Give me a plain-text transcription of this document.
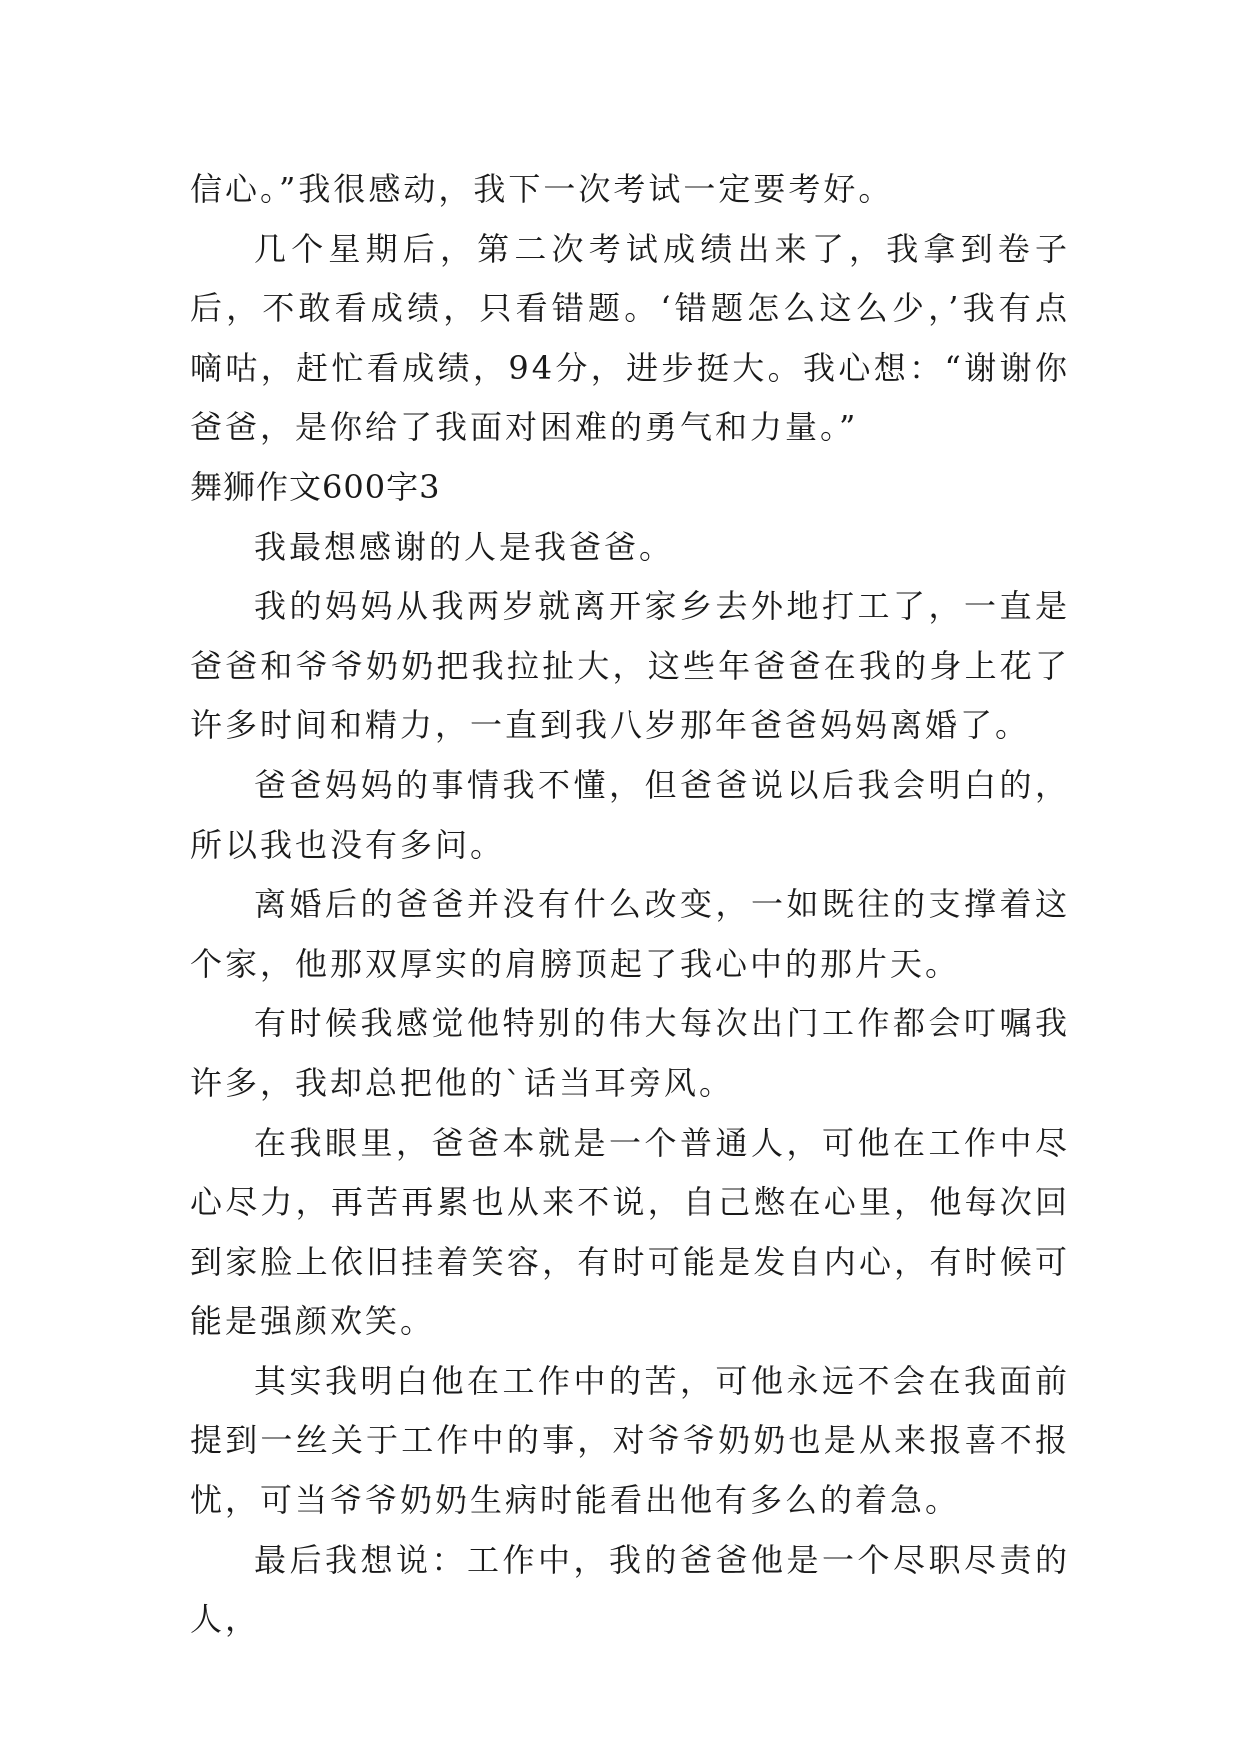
信心。”我很感动，我下一次考试一定要考好。

几个星期后，第二次考试成绩出来了，我拿到卷子后，不敢看成绩，只看错题。‘错题怎么这么少，’我有点嘀咕，赶忙看成绩，94分，进步挺大。我心想：“谢谢你爸爸，是你给了我面对困难的勇气和力量。”

舞狮作文600字3

我最想感谢的人是我爸爸。

我的妈妈从我两岁就离开家乡去外地打工了，一直是爸爸和爷爷奶奶把我拉扯大，这些年爸爸在我的身上花了许多时间和精力，一直到我八岁那年爸爸妈妈离婚了。

爸爸妈妈的事情我不懂，但爸爸说以后我会明白的，所以我也没有多问。

离婚后的爸爸并没有什么改变，一如既往的支撑着这个家，他那双厚实的肩膀顶起了我心中的那片天。

有时候我感觉他特别的伟大每次出门工作都会叮嘱我许多，我却总把他的`话当耳旁风。

在我眼里，爸爸本就是一个普通人，可他在工作中尽心尽力，再苦再累也从来不说，自己憋在心里，他每次回到家脸上依旧挂着笑容，有时可能是发自内心，有时候可能是强颜欢笑。

其实我明白他在工作中的苦，可他永远不会在我面前提到一丝关于工作中的事，对爷爷奶奶也是从来报喜不报忧，可当爷爷奶奶生病时能看出他有多么的着急。

最后我想说：工作中，我的爸爸他是一个尽职尽责的人，
